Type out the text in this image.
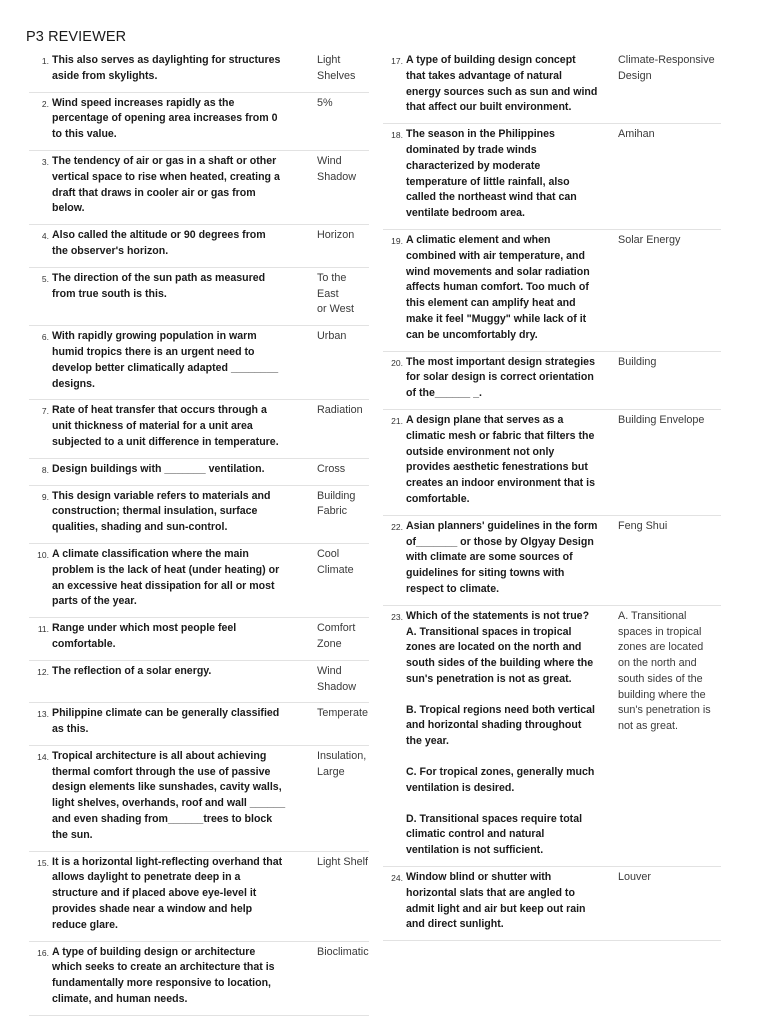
P3 REVIEWER
1. This also serves as daylighting for structures
aside from skylights.
Light
Shelves
2. Wind speed increases rapidly as the
percentage of opening area increases from 0
to this value.
5%
3. The tendency of air or gas in a shaft or other
vertical space to rise when heated, creating a
draft that draws in cooler air or gas from
below.
Wind
Shadow
4. Also called the altitude or 90 degrees from
the observer's horizon.
Horizon
5. The direction of the sun path as measured
from true south is this.
To the East
or West
6. With rapidly growing population in warm
humid tropics there is an urgent need to
develop better climatically adapted ________
designs.
Urban
7. Rate of heat transfer that occurs through a
unit thickness of material for a unit area
subjected to a unit difference in temperature.
Radiation
8. Design buildings with _______ ventilation.	Cross
9. This design variable refers to materials and
construction; thermal insulation, surface
qualities, shading and sun-control.
Building
Fabric
10. A climate classification where the main
problem is the lack of heat (under heating) or
an excessive heat dissipation for all or most
parts of the year.
Cool
Climate
11. Range under which most people feel
comfortable.
Comfort
Zone
12. The reflection of a solar energy.	Wind
Shadow
13. Philippine climate can be generally classified
as this.
Temperate
14. Tropical architecture is all about achieving
thermal comfort through the use of passive
design elements like sunshades, cavity walls,
light shelves, overhands, roof and wall ______
and even shading from______trees to block
the sun.
Insulation,
Large
15. It is a horizontal light-reflecting overhand that
allows daylight to penetrate deep in a
structure and if placed above eye-level it
provides shade near a window and help
reduce glare.
Light Shelf
16. A type of building design or architecture
which seeks to create an architecture that is
fundamentally more responsive to location,
climate, and human needs.
Bioclimatic
17. A type of building design concept
that takes advantage of natural
energy sources such as sun and wind
that affect our built environment.
Climate-Responsive
Design
18. The season in the Philippines
dominated by trade winds
characterized by moderate
temperature of little rainfall, also
called the northeast wind that can
ventilate bedroom area.
Amihan
19. A climatic element and when
combined with air temperature, and
wind movements and solar radiation
affects human comfort. Too much of
this element can amplify heat and
make it feel "Muggy" while lack of it
can be uncomfortably dry.
Solar Energy
20. The most important design strategies
for solar design is correct orientation
of the______ _.
Building
21. A design plane that serves as a
climatic mesh or fabric that filters the
outside environment not only
provides aesthetic fenestrations but
creates an indoor environment that is
comfortable.
Building Envelope
22. Asian planners' guidelines in the form
of_______ or those by Olgyay Design
with climate are some sources of
guidelines for siting towns with
respect to climate.
Feng Shui
23. Which of the statements is not true?
A. Transitional spaces in tropical
zones are located on the north and
south sides of the building where the
sun's penetration is not as great.
B. Tropical regions need both vertical
and horizontal shading throughout
the year.
C. For tropical zones, generally much
ventilation is desired.
D. Transitional spaces require total
climatic control and natural
ventilation is not sufficient.
A. Transitional
spaces in tropical
zones are located
on the north and
south sides of the
building where the
sun's penetration is
not as great.
24. Window blind or shutter with
horizontal slats that are angled to
admit light and air but keep out rain
and direct sunlight.
Louver
